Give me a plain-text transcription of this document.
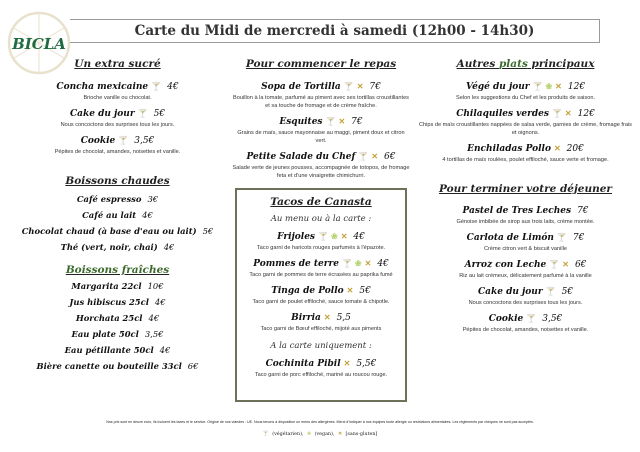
BICLA
Carte du Midi de mercredi à samedi (12h00 - 14h30)
Un extra sucré
Concha mexicaine 🍸 4€
Brioche vanille ou chocolat.
Cake du jour 🍸 5€
Nous concoctons des surprises tous les jours.
Cookie 🍸 3,5€
Pépites de chocolat, amandes, noisettes et vanille.
Boissons chaudes
Café espresso 3€
Café au lait 4€
Chocolat chaud (à base d'eau ou lait) 5€
Thé (vert, noir, chai) 4€
Boissons fraîches
Margarita 22cl 10€
Jus hibiscus 25cl 4€
Horchata 25cl 4€
Eau plate 50cl 3,5€
Eau pétillante 50cl 4€
Bière canette ou bouteille 33cl 6€
Pour commencer le repas
Sopa de Tortilla 🍸 ✕ 7€
Bouillon à la tomate, parfumé au piment avec ses tortillas croustillantes et sa touche de fromage et de crème fraîche.
Esquites 🍸 ✕ 7€
Grains de maïs, sauce mayonnaise au maggi, piment doux et citron vert.
Petite Salade du Chef 🍸 ✕ 6€
Salade verte de jeunes pousses, accompagnée de totopos, de fromage feta et d'une vinaigrette chimichurri.
Tacos de Canasta
Au menu ou à la carte :
Frijoles 🍸 ❀ ✕ 4€
Taco garni de haricots rouges parfumés à l'épazote.
Pommes de terre 🍸 ❀ ✕ 4€
Taco garni de pommes de terre écrasées au paprika fumé
Tinga de Pollo ✕ 5€
Taco garni de poulet effiloché, sauce tomate & chipotle.
Birria ✕ 5,5
Taco garni de Bœuf effiloché, mijoté aux piments
A la carte uniquement :
Cochinita Pibil ✕ 5,5€
Taco garni de porc effiloché, mariné au roucou rouge.
Autres plats principaux
Végé du jour 🍸 ❀ ✕ 12€
Selon les suggestions du Chef et les produits de saison.
Chilaquiles verdes 🍸 ✕ 12€
Chips de maïs croustillantes nappées de salsa verde, garnies de crème, fromage frais et oignons.
Enchiladas Pollo ✕ 20€
4 tortillas de maïs roulées, poulet effiloché, sauce verte et fromage.
Pour terminer votre déjeuner
Pastel de Tres Leches 7€
Génoise imbibée de sirop aux trois laits, crème montée.
Carlota de Limón 🍸 7€
Crème citron vert & biscuit vanille
Arroz con Leche 🍸 ✕ 6€
Riz au lait crémeux, délicatement parfumé à la vanille
Cake du jour 🍸 5€
Nous concoctons des surprises tous les jours.
Cookie 🍸 3,5€
Pépites de chocolat, amandes, noisettes et vanille.
Nos prix sont en deuxe euro, ils incluent les taxes et le service. Origine de nos viandes : UE. Nous tenons à disposition un menu des allergènes. Merci d'indiquer à nos équipes toute allergie ou restrictions alimentaires. Les règlements par chèques ne sont pas acceptés.
🍸 (végétarien), ❀ (vegan), ✕ [sans-gluten]
